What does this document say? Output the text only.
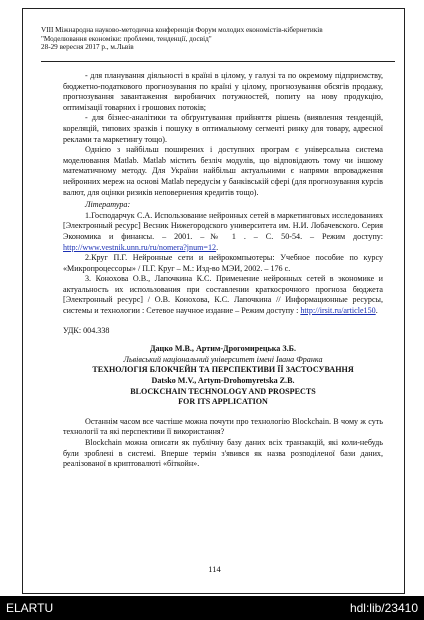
VIII Міжнародна науково-методична конференція Форум молодих економістів-кібернетиків
"Моделювання економіки: проблеми, тенденції, досвід"
28-29 вересня 2017 р., м.Львів

- для планування діяльності в країні в цілому, у галузі та по окремому підприємству, бюджетно-податкового прогнозування по країні у цілому, прогнозування обсягів продажу, прогнозування завантаження виробничих потужностей, попиту на нову продукцію, оптимізації товарних і грошових потоків;

- для бізнес-аналітики та обґрунтування прийняття рішень (виявлення тенденцій, кореляцій, типових зразків і пошуку в оптимальному сегменті ринку для товару, адресної реклами та маркетингу тощо).

Однією з найбільш поширених і доступних програм є універсальна система моделювання Matlab. Matlab містить безліч модулів, що відповідають тому чи іншому математичному методу. Для України найбільш актуальними є напрями впровадження нейронних мереж на основі Matlab передусім у банківській сфері (для прогнозування курсів валют, для оцінки ризиків неповернення кредитів тощо).

Література:

1.Господарчук С.А. Использование нейронных сетей в маркетинговых исследованиях [Электронный ресурс] Весник Нижегородского университета им. Н.И. Лобачевского. Серия Экономика и финансы. – 2001. –№ 1 . – С. 50-54. – Режим доступу: http://www.vestnik.unn.ru/ru/nomera?jnum=12.

2.Круг П.Г. Нейронные сети и нейрокомпьютеры: Учебное пособие по курсу «Микропроцессоры» / П.Г. Круг – М.: Изд-во МЭИ, 2002. – 176 с.

3. Коноxова О.В., Лапочкина К.С. Применение нейронных сетей в экономике и актуальность их использования при составлении краткосрочного прогноза бюджета [Электронный ресурс] / О.В. Коноxова, К.С. Лапочкина // Информационные ресурсы, системы и технологии : Сетевое научное издание – Режим доступу : http://irsit.ru/article150.

УДК: 004.338

Дацко М.В., Артим-Дрогомирецька З.Б.

Львівський національний університет імені Івана Франка

ТЕХНОЛОГІЯ БЛОКЧЕЙН ТА ПЕРСПЕКТИВИ ЇЇ ЗАСТОСУВАННЯ

Datsko M.V., Artym-Drohomyretska Z.B.

BLOCKCHAIN TECHNOLOGY AND PROSPECTS

FOR ITS APPLICATION

Останнім часом все частіше можна почути про технологію Blockchain. В чому ж суть технології та які перспективи її використання?

Blockchain можна описати як публічну базу даних всіх транзакцій, які коли-небудь були зроблені в системі. Вперше термін з'явився як назва розподіленої бази даних, реалізованої в криптовалюті «біткойн».

114
ELARTU	hdl:lib/23410
